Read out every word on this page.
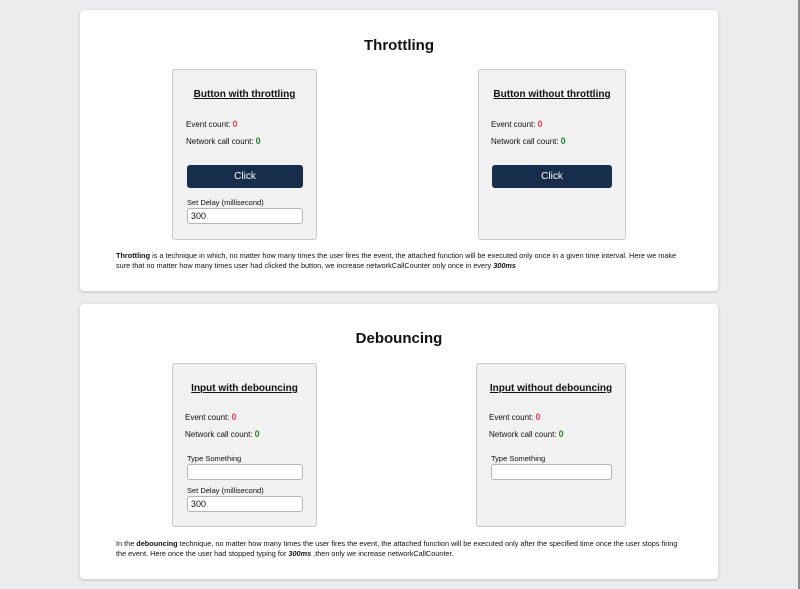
Throttling
Button with throttling
Event count: 0
Network call count: 0
Click
Set Delay (millisecond)
300
Button without throttling
Event count: 0
Network call count: 0
Click

Throttling is a technique in which, no matter how many times the user fires the event, the attached function will be executed only once in a given time interval. Here we make sure that no matter how many times user had clicked the button, we increase networkCallCounter only once in every 300ms

Debouncing
Input with debouncing
Event count: 0
Network call count: 0
Type Something
Set Delay (millisecond)
300
Input without debouncing
Event count: 0
Network call count: 0
Type Something

In the debouncing technique, no matter how many times the user fires the event, the attached function will be executed only after the specified time once the user stops firing the event. Here once the user had stopped typing for 300ms ,then only we increase networkCallCounter.
